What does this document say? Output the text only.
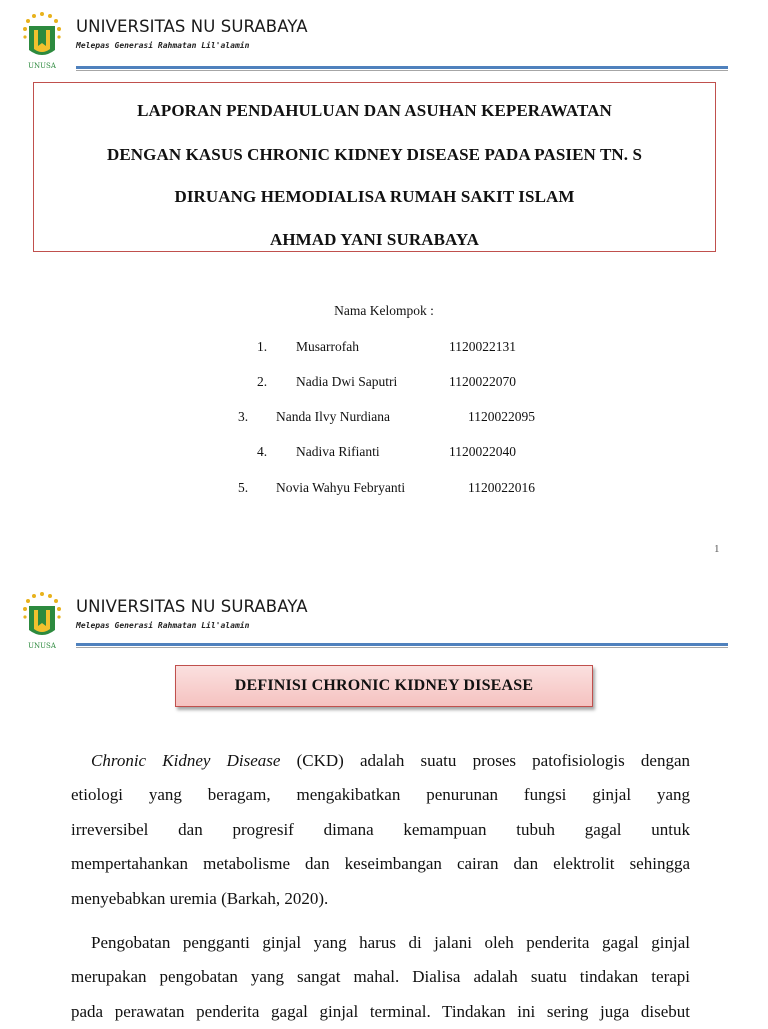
UNUSA
UNIVERSITAS NU SURABAYA
Melepas Generasi Rahmatan Lil'alamin
LAPORAN PENDAHULUAN DAN ASUHAN KEPERAWATAN
DENGAN KASUS CHRONIC KIDNEY DISEASE PADA PASIEN TN. S
DIRUANG HEMODIALISA RUMAH SAKIT ISLAM
AHMAD YANI SURABAYA
Nama Kelompok :
1. Musarrofah	1120022131
2. Nadia Dwi Saputri	1120022070
3. Nanda Ilvy Nurdiana	1120022095
4. Nadiva Rifianti	1120022040
5. Novia Wahyu Febryanti	1120022016
1
UNUSA
UNIVERSITAS NU SURABAYA
Melepas Generasi Rahmatan Lil'alamin
DEFINISI CHRONIC KIDNEY DISEASE
Chronic Kidney Disease (CKD) adalah suatu proses patofisiologis dengan
etiologi yang beragam, mengakibatkan penurunan fungsi ginjal yang
irreversibel dan progresif dimana kemampuan tubuh gagal untuk
mempertahankan metabolisme dan keseimbangan cairan dan elektrolit sehingga
menyebabkan uremia (Barkah, 2020).
Pengobatan pengganti ginjal yang harus di jalani oleh penderita gagal ginjal
merupakan pengobatan yang sangat mahal. Dialisa adalah suatu tindakan terapi
pada perawatan penderita gagal ginjal terminal. Tindakan ini sering juga disebut
